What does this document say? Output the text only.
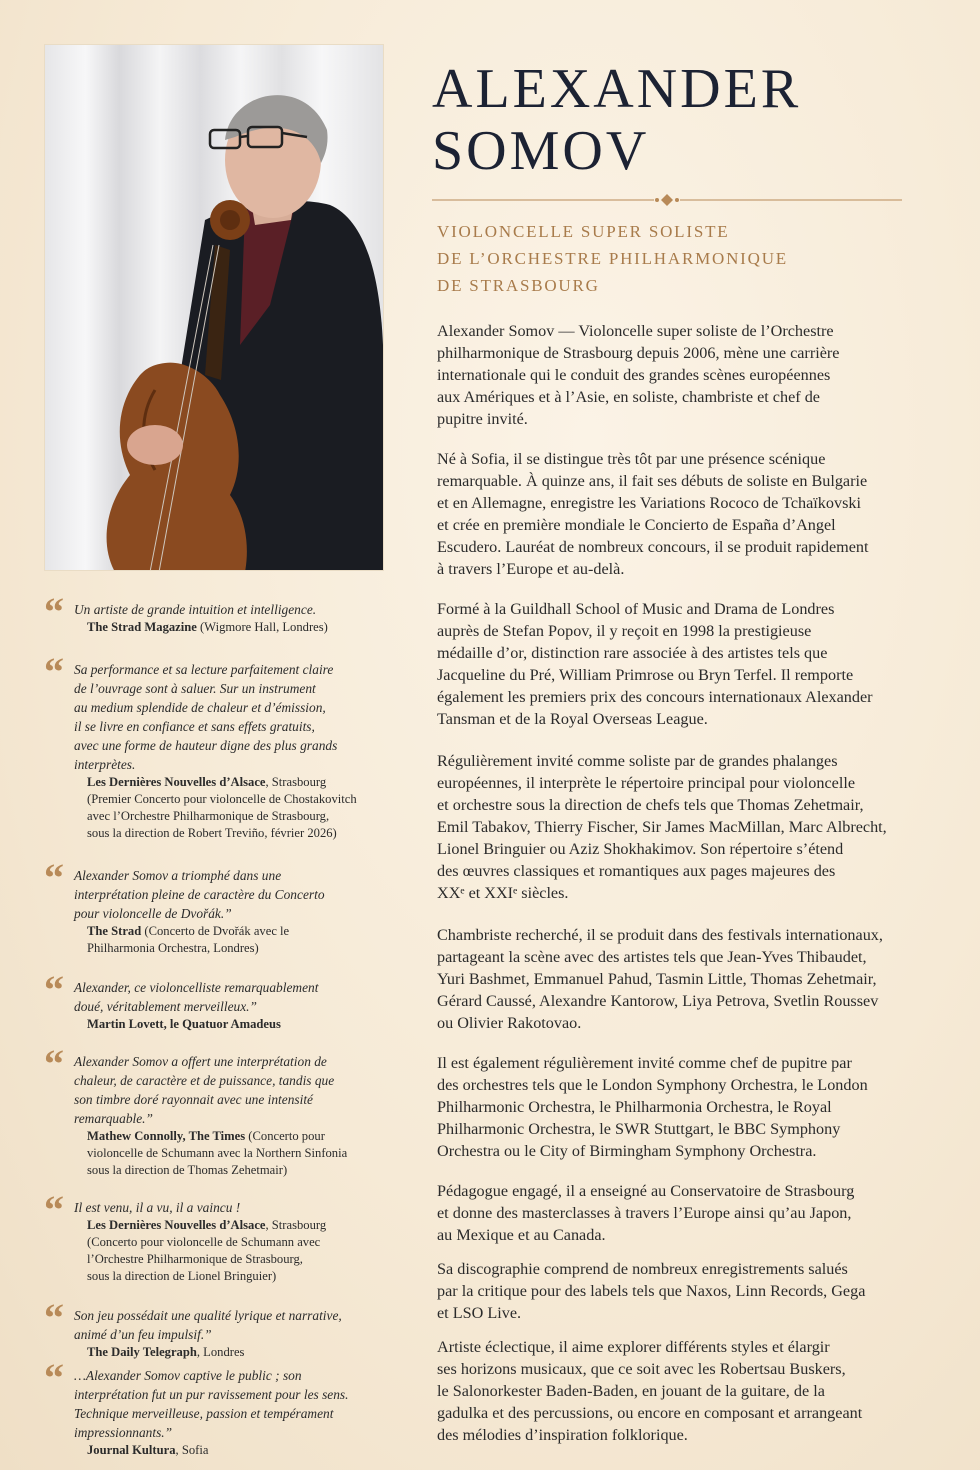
ALEXANDER
SOMOV
VIOLONCELLE SUPER SOLISTE
DE L’ORCHESTRE PHILHARMONIQUE
DE STRASBOURG

Alexander Somov — Violoncelle super soliste de l’Orchestre
philharmonique de Strasbourg depuis 2006, mène une carrière
internationale qui le conduit des grandes scènes européennes
aux Amériques et à l’Asie, en soliste, chambriste et chef de
pupitre invité.

Né à Sofia, il se distingue très tôt par une présence scénique
remarquable. À quinze ans, il fait ses débuts de soliste en Bulgarie
et en Allemagne, enregistre les Variations Rococo de Tchaïkovski
et crée en première mondiale le Concierto de España d’Angel
Escudero. Lauréat de nombreux concours, il se produit rapidement
à travers l’Europe et au-delà.

Formé à la Guildhall School of Music and Drama de Londres
auprès de Stefan Popov, il y reçoit en 1998 la prestigieuse
médaille d’or, distinction rare associée à des artistes tels que
Jacqueline du Pré, William Primrose ou Bryn Terfel. Il remporte
également les premiers prix des concours internationaux Alexander
Tansman et de la Royal Overseas League.

Régulièrement invité comme soliste par de grandes phalanges
européennes, il interprète le répertoire principal pour violoncelle
et orchestre sous la direction de chefs tels que Thomas Zehetmair,
Emil Tabakov, Thierry Fischer, Sir James MacMillan, Marc Albrecht,
Lionel Bringuier ou Aziz Shokhakimov. Son répertoire s’étend
des œuvres classiques et romantiques aux pages majeures des
XXᵉ et XXIᵉ siècles.

Chambriste recherché, il se produit dans des festivals internationaux,
partageant la scène avec des artistes tels que Jean-Yves Thibaudet,
Yuri Bashmet, Emmanuel Pahud, Tasmin Little, Thomas Zehetmair,
Gérard Caussé, Alexandre Kantorow, Liya Petrova, Svetlin Roussev
ou Olivier Rakotovao.

Il est également régulièrement invité comme chef de pupitre par
des orchestres tels que le London Symphony Orchestra, le London
Philharmonic Orchestra, le Philharmonia Orchestra, le Royal
Philharmonic Orchestra, le SWR Stuttgart, le BBC Symphony
Orchestra ou le City of Birmingham Symphony Orchestra.

Pédagogue engagé, il a enseigné au Conservatoire de Strasbourg
et donne des masterclasses à travers l’Europe ainsi qu’au Japon,
au Mexique et au Canada.

Sa discographie comprend de nombreux enregistrements salués
par la critique pour des labels tels que Naxos, Linn Records, Gega
et LSO Live.

Artiste éclectique, il aime explorer différents styles et élargir
ses horizons musicaux, que ce soit avec les Robertsau Buskers,
le Salonorkester Baden-Baden, en jouant de la guitare, de la
gadulka et des percussions, ou encore en composant et arrangeant
des mélodies d’inspiration folklorique.

“ Un artiste de grande intuition et intelligence.
The Strad Magazine (Wigmore Hall, Londres)
“ Sa performance et sa lecture parfaitement claire
de l’ouvrage sont à saluer. Sur un instrument
au medium splendide de chaleur et d’émission,
il se livre en confiance et sans effets gratuits,
avec une forme de hauteur digne des plus grands
interprètes.
Les Dernières Nouvelles d’Alsace, Strasbourg
(Premier Concerto pour violoncelle de Chostakovitch
avec l’Orchestre Philharmonique de Strasbourg,
sous la direction de Robert Treviño, février 2026)
“ Alexander Somov a triomphé dans une
interprétation pleine de caractère du Concerto
pour violoncelle de Dvořák.”
The Strad (Concerto de Dvořák avec le
Philharmonia Orchestra, Londres)
“ Alexander, ce violoncelliste remarquablement
doué, véritablement merveilleux.”
Martin Lovett, le Quatuor Amadeus
“ Alexander Somov a offert une interprétation de
chaleur, de caractère et de puissance, tandis que
son timbre doré rayonnait avec une intensité
remarquable.”
Mathew Connolly, The Times (Concerto pour
violoncelle de Schumann avec la Northern Sinfonia
sous la direction de Thomas Zehetmair)
“ Il est venu, il a vu, il a vaincu !
Les Dernières Nouvelles d’Alsace, Strasbourg
(Concerto pour violoncelle de Schumann avec
l’Orchestre Philharmonique de Strasbourg,
sous la direction de Lionel Bringuier)
“ Son jeu possédait une qualité lyrique et narrative,
animé d’un feu impulsif.”
The Daily Telegraph, Londres
“ …Alexander Somov captive le public ; son
interprétation fut un pur ravissement pour les sens.
Technique merveilleuse, passion et tempérament
impressionnants.”
Journal Kultura, Sofia
